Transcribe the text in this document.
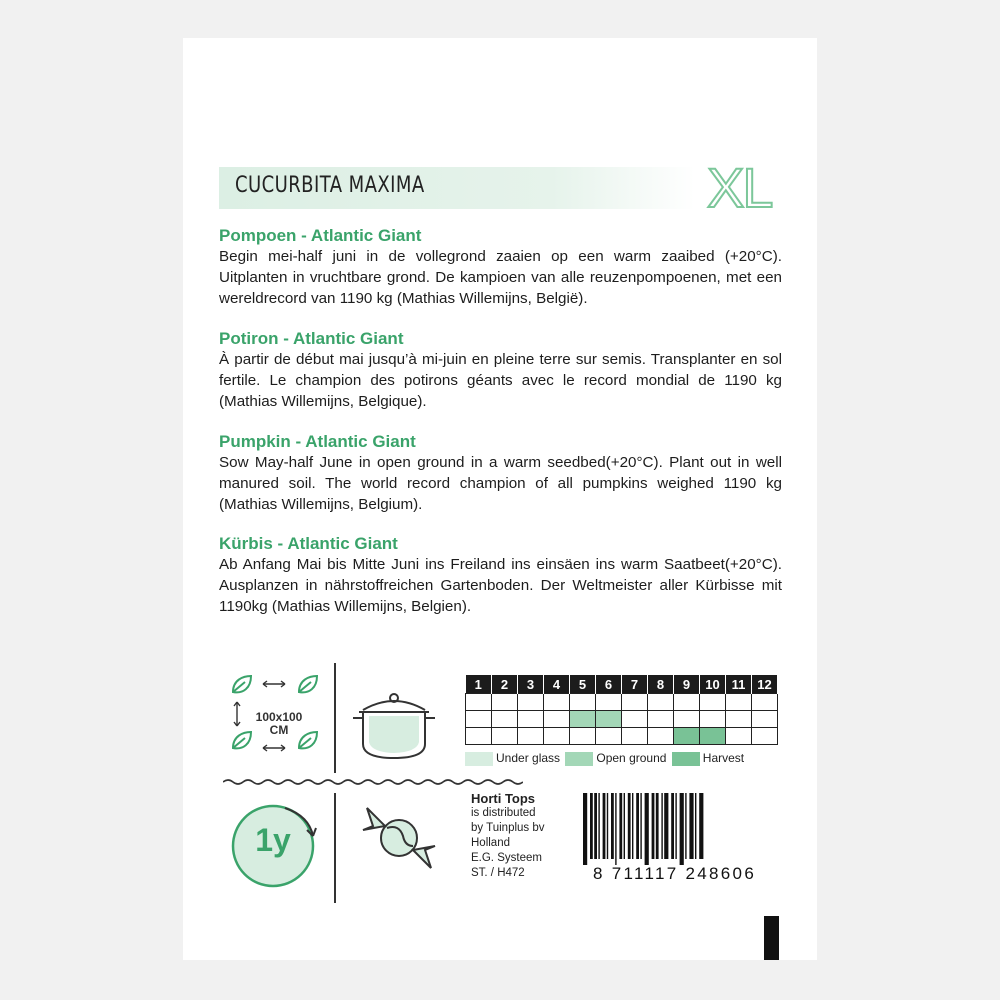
CUCURBITA MAXIMA	XL
Pompoen - Atlantic Giant

Begin mei-half juni in de vollegrond zaaien op een warm zaaibed (+20°C). Uitplanten in vruchtbare grond. De kampioen van alle reuzenpompoenen, met een wereldrecord van 1190 kg (Mathias Willemijns, België).

Potiron - Atlantic Giant

À partir de début mai jusqu’à mi-juin en pleine terre sur semis. Transplanter en sol fertile. Le champion des potirons géants avec le record mondial de 1190 kg (Mathias Willemijns, Belgique).

Pumpkin - Atlantic Giant

Sow May-half June in open ground in a warm seedbed(+20°C). Plant out in well manured soil. The world record champion of all pumpkins weighed 1190 kg (Mathias Willemijns, Belgium).

Kürbis - Atlantic Giant

Ab Anfang Mai bis Mitte Juni ins Freiland ins einsäen ins warm Saatbeet(+20°C). Ausplanzen in nährstoffreichen Gartenboden. Der Weltmeister aller Kürbisse mit 1190kg (Mathias Willemijns, Belgien).

100x100
CM
1y
1	2	3	4	5	6	7	8	9	10	11	12

Under glass	Open ground	Harvest
Horti Tops
is distributed
by Tuinplus bv
Holland
E.G. Systeem
ST. / H472	8 711117 248606
